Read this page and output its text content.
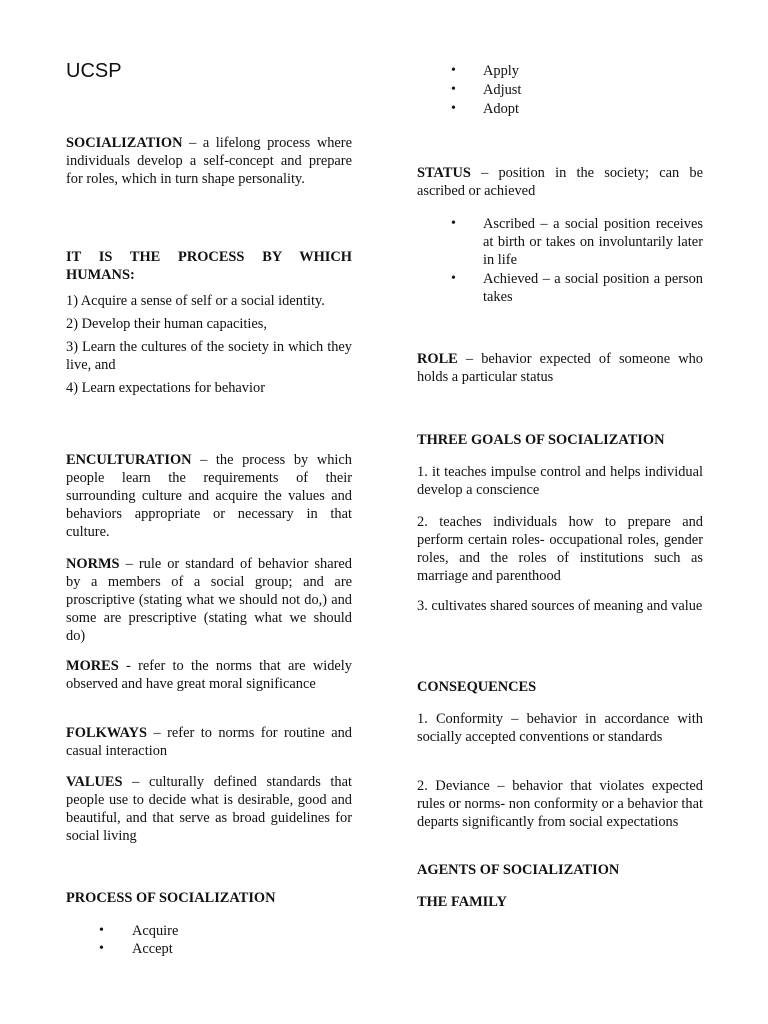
UCSP

SOCIALIZATION – a lifelong process where individuals develop a self-concept and prepare for roles, which in turn shape personality.

IT IS THE PROCESS BY WHICH HUMANS:

1) Acquire a sense of self or a social identity.
2) Develop their human capacities,
3) Learn the cultures of the society in which they live, and
4) Learn expectations for behavior

ENCULTURATION – the process by which people learn the requirements of their surrounding culture and acquire the values and behaviors appropriate or necessary in that culture.

NORMS – rule or standard of behavior shared by a members of a social group; and are proscriptive (stating what we should not do,) and some are prescriptive (stating what we should do)

MORES - refer to the norms that are widely observed and have great moral significance

FOLKWAYS – refer to norms for routine and casual interaction

VALUES – culturally defined standards that people use to decide what is desirable, good and beautiful, and that serve as broad guidelines for social living

PROCESS OF SOCIALIZATION

• Acquire
• Accept
• Apply
• Adjust
• Adopt

STATUS – position in the society; can be ascribed or achieved

• Ascribed – a social position receives at birth or takes on involuntarily later in life
• Achieved – a social position a person takes

ROLE – behavior expected of someone who holds a particular status

THREE GOALS OF SOCIALIZATION

1. it teaches impulse control and helps individual develop a conscience

2. teaches individuals how to prepare and perform certain roles- occupational roles, gender roles, and the roles of institutions such as marriage and parenthood

3. cultivates shared sources of meaning and value

CONSEQUENCES

1. Conformity – behavior in accordance with socially accepted conventions or standards

2. Deviance – behavior that violates expected rules or norms- non conformity or a behavior that departs significantly from social expectations

AGENTS OF SOCIALIZATION

THE FAMILY
